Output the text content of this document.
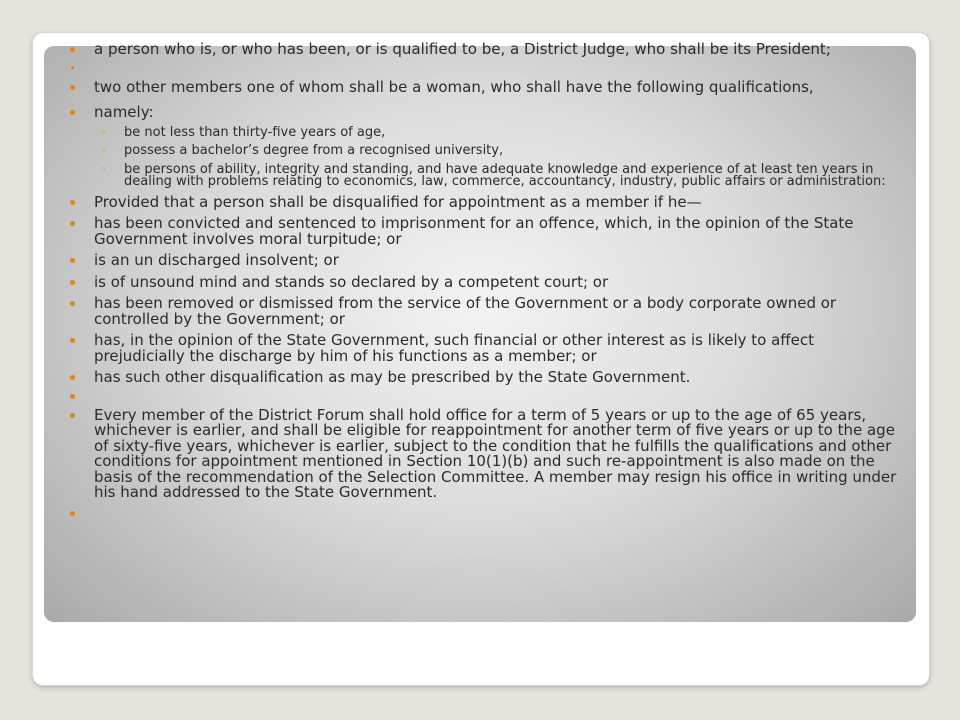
a person who is, or who has been, or is qualified to be, a District Judge, who shall be its President;
two other members one of whom shall be a woman, who shall have the following qualifications,
namely:
◦ be not less than thirty-five years of age,
◦ possess a bachelor’s degree from a recognised university,
◦ be persons of ability, integrity and standing, and have adequate knowledge and experience of at least ten years in dealing with problems relating to economics, law, commerce, accountancy, industry, public affairs or administration:
Provided that a person shall be disqualified for appointment as a member if he—
has been convicted and sentenced to imprisonment for an offence, which, in the opinion of the State Government involves moral turpitude; or
is an un discharged insolvent; or
is of unsound mind and stands so declared by a competent court; or
has been removed or dismissed from the service of the Government or a body corporate owned or controlled by the Government; or
has, in the opinion of the State Government, such financial or other interest as is likely to affect prejudicially the discharge by him of his functions as a member; or
has such other disqualification as may be prescribed by the State Government.
Every member of the District Forum shall hold office for a term of 5 years or up to the age of 65 years, whichever is earlier, and shall be eligible for reappointment for another term of five years or up to the age of sixty-five years, whichever is earlier, subject to the condition that he fulfills the qualifications and other conditions for appointment mentioned in Section 10(1)(b) and such re-appointment is also made on the basis of the recommendation of the Selection Committee. A member may resign his office in writing under his hand addressed to the State Government.
